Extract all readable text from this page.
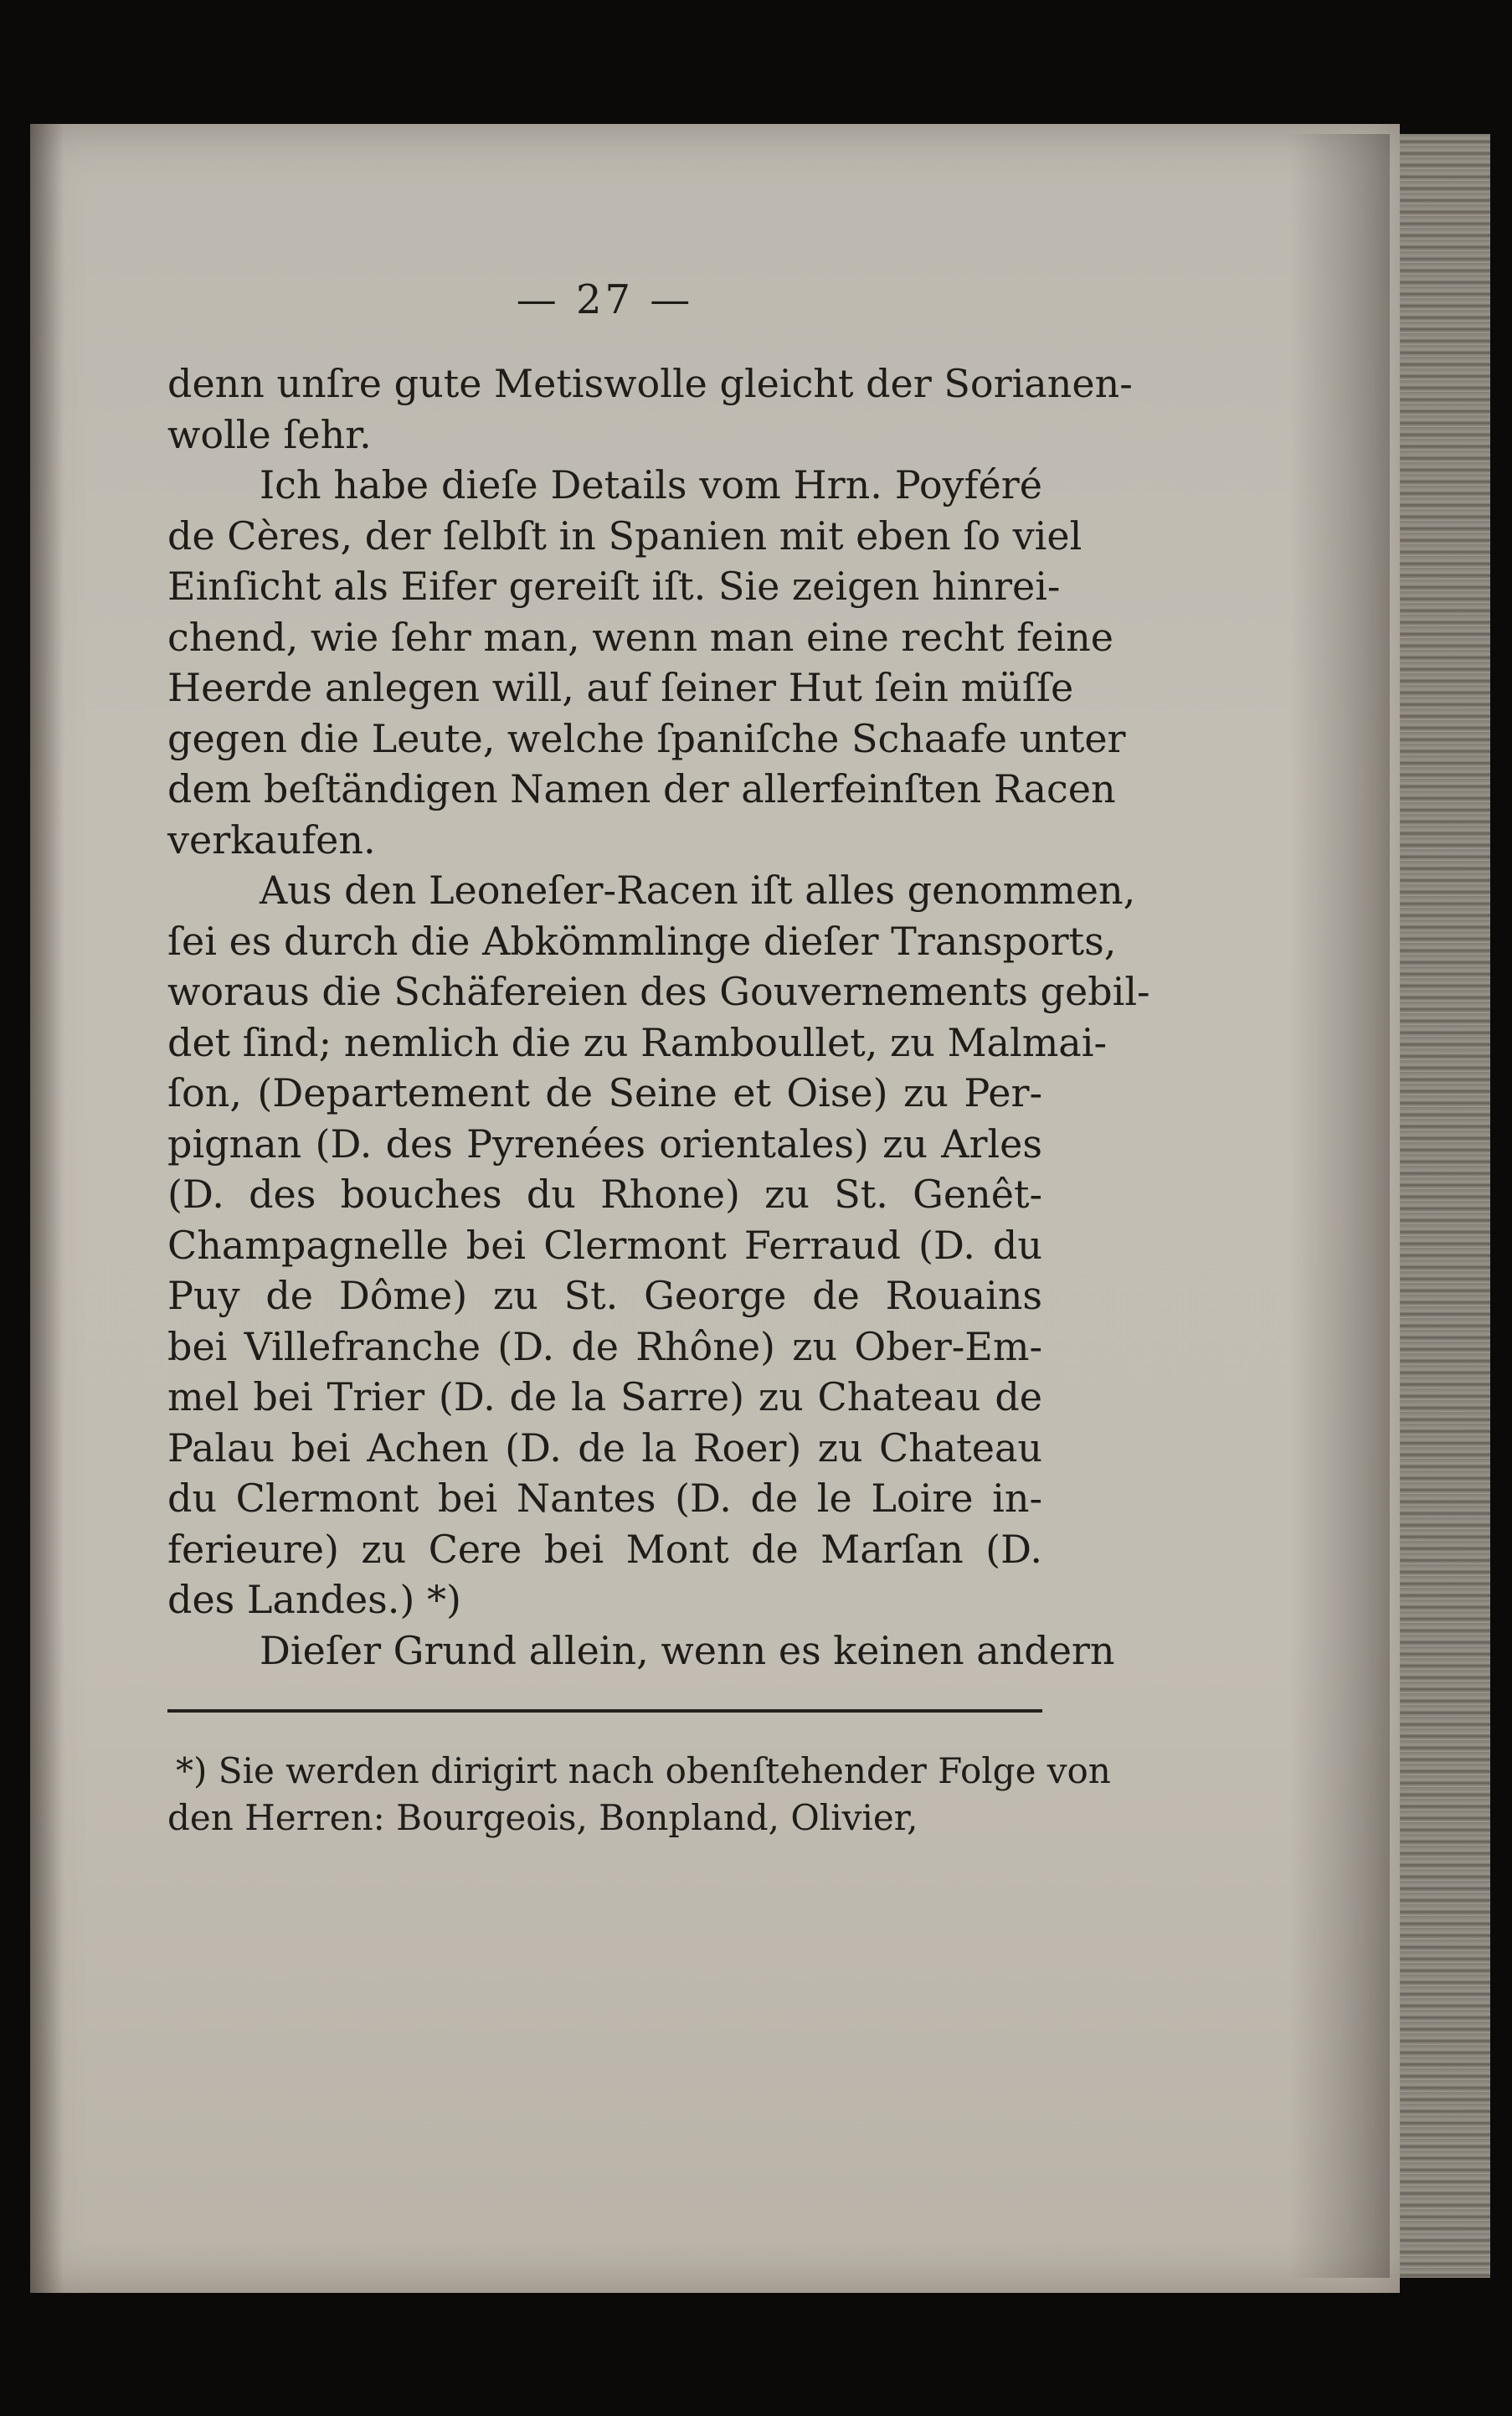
— 27 —
denn unſre gute Metiswolle gleicht der Sorianen-
wolle ſehr.
Ich habe dieſe Details vom Hrn. Poyféré
de Cères, der ſelbſt in Spanien mit eben ſo viel
Einſicht als Eifer gereiſt iſt. Sie zeigen hinrei-
chend, wie ſehr man, wenn man eine recht feine
Heerde anlegen will, auf ſeiner Hut ſein müſſe
gegen die Leute, welche ſpaniſche Schaafe unter
dem beſtändigen Namen der allerfeinſten Racen
verkaufen.
Aus den Leoneſer-Racen iſt alles genommen,
ſei es durch die Abkömmlinge dieſer Transports,
woraus die Schäfereien des Gouvernements gebil-
det ſind; nemlich die zu Ramboullet, zu Malmai-
ſon, (Departement de Seine et Oise) zu Per-
pignan (D. des Pyrenées orientales) zu Arles
(D. des bouches du Rhone) zu St. Genêt-
Champagnelle bei Clermont Ferraud (D. du
Puy de Dôme) zu St. George de Rouains
bei Villefranche (D. de Rhône) zu Ober-Em-
mel bei Trier (D. de la Sarre) zu Chateau de
Palau bei Achen (D. de la Roer) zu Chateau
du Clermont bei Nantes (D. de le Loire in-
ferieure) zu Cere bei Mont de Marſan (D.
des Landes.) *)
Dieſer Grund allein, wenn es keinen andern
*) Sie werden dirigirt nach obenſtehender Folge von
den Herren: Bourgeois, Bonpland, Olivier,
